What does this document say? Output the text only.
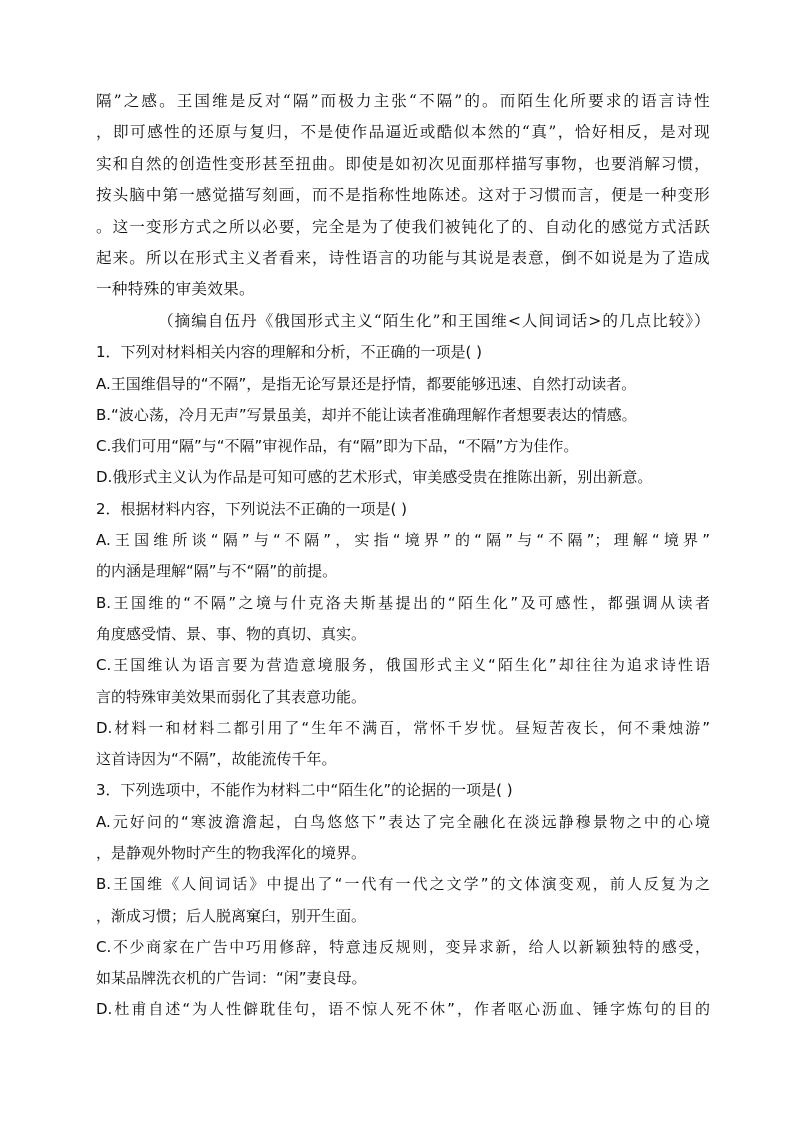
隔”之感。王国维是反对“隔”而极力主张“不隔”的。而陌生化所要求的语言诗性

，即可感性的还原与复归，不是使作品逼近或酷似本然的“真”，恰好相反，是对现

实和自然的创造性变形甚至扭曲。即使是如初次见面那样描写事物，也要消解习惯，

按头脑中第一感觉描写刻画，而不是指称性地陈述。这对于习惯而言，便是一种变形

。这一变形方式之所以必要，完全是为了使我们被钝化了的、自动化的感觉方式活跃

起来。所以在形式主义者看来，诗性语言的功能与其说是表意，倒不如说是为了造成

一种特殊的审美效果。

（摘编自伍丹《俄国形式主义“陌生化”和王国维<人间词话>的几点比较》）

1．下列对材料相关内容的理解和分析，不正确的一项是( )

A.王国维倡导的“不隔”，是指无论写景还是抒情，都要能够迅速、自然打动读者。

B.“波心荡，冷月无声”写景虽美，却并不能让读者准确理解作者想要表达的情感。

C.我们可用“隔”与“不隔”审视作品，有“隔”即为下品，“不隔”方为佳作。

D.俄形式主义认为作品是可知可感的艺术形式，审美感受贵在推陈出新，别出新意。

2．根据材料内容，下列说法不正确的一项是( )

A.王国维所谈“隔”与“不隔”，实指“境界”的“隔”与“不隔”；理解“境界”

的内涵是理解“隔”与不“隔”的前提。

B.王国维的“不隔”之境与什克洛夫斯基提出的“陌生化”及可感性，都强调从读者

角度感受情、景、事、物的真切、真实。

C.王国维认为语言要为营造意境服务，俄国形式主义“陌生化”却往往为追求诗性语

言的特殊审美效果而弱化了其表意功能。

D.材料一和材料二都引用了“生年不满百，常怀千岁忧。昼短苦夜长，何不秉烛游”

这首诗因为“不隔”，故能流传千年。

3．下列选项中，不能作为材料二中“陌生化”的论据的一项是( )

A.元好问的“寒波澹澹起，白鸟悠悠下”表达了完全融化在淡远静穆景物之中的心境

，是静观外物时产生的物我浑化的境界。

B.王国维《人间词话》中提出了“一代有一代之文学”的文体演变观，前人反复为之

，渐成习惯；后人脱离窠臼，别开生面。

C.不少商家在广告中巧用修辞，特意违反规则，变异求新，给人以新颖独特的感受，

如某品牌洗衣机的广告词：“闲”妻良母。

D.杜甫自述“为人性僻耽佳句，语不惊人死不休”，作者呕心沥血、锤字炼句的目的
